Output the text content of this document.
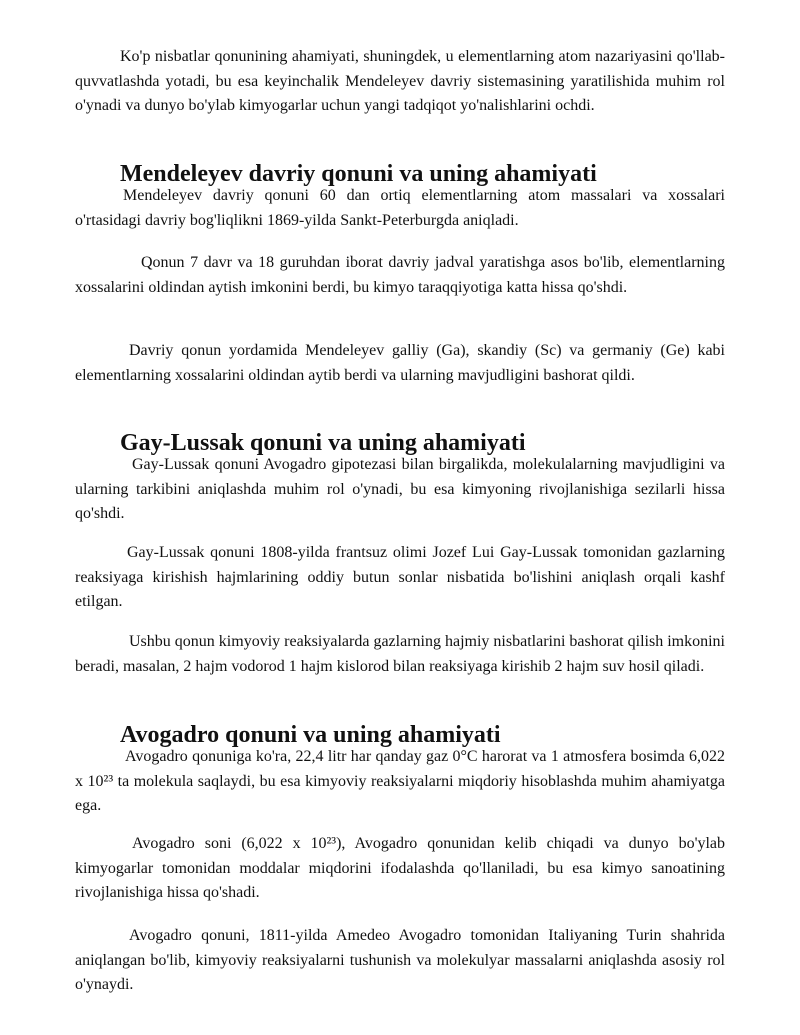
Ko'p nisbatlar qonunining ahamiyati, shuningdek, u elementlarning atom nazariyasini qo'llab-quvvatlashda yotadi, bu esa keyinchalik Mendeleyev davriy sistemasining yaratilishida muhim rol o'ynadi va dunyo bo'ylab kimyogarlar uchun yangi tadqiqot yo'nalishlarini ochdi.

Mendeleyev davriy qonuni va uning ahamiyati

Mendeleyev davriy qonuni 60 dan ortiq elementlarning atom massalari va xossalari o'rtasidagi davriy bog'liqlikni 1869-yilda Sankt-Peterburgda aniqladi.

Qonun 7 davr va 18 guruhdan iborat davriy jadval yaratishga asos bo'lib, elementlarning xossalarini oldindan aytish imkonini berdi, bu kimyo taraqqiyotiga katta hissa qo'shdi.

Davriy qonun yordamida Mendeleyev galliy (Ga), skandiy (Sc) va germaniy (Ge) kabi elementlarning xossalarini oldindan aytib berdi va ularning mavjudligini bashorat qildi.

Gay-Lussak qonuni va uning ahamiyati

Gay-Lussak qonuni Avogadro gipotezasi bilan birgalikda, molekulalarning mavjudligini va ularning tarkibini aniqlashda muhim rol o'ynadi, bu esa kimyoning rivojlanishiga sezilarli hissa qo'shdi.

Gay-Lussak qonuni 1808-yilda frantsuz olimi Jozef Lui Gay-Lussak tomonidan gazlarning reaksiyaga kirishish hajmlarining oddiy butun sonlar nisbatida bo'lishini aniqlash orqali kashf etilgan.

Ushbu qonun kimyoviy reaksiyalarda gazlarning hajmiy nisbatlarini bashorat qilish imkonini beradi, masalan, 2 hajm vodorod 1 hajm kislorod bilan reaksiyaga kirishib 2 hajm suv hosil qiladi.

Avogadro qonuni va uning ahamiyati

Avogadro qonuniga ko'ra, 22,4 litr har qanday gaz 0°C harorat va 1 atmosfera bosimda 6,022 x 10²³ ta molekula saqlaydi, bu esa kimyoviy reaksiyalarni miqdoriy hisoblashda muhim ahamiyatga ega.

Avogadro soni (6,022 x 10²³), Avogadro qonunidan kelib chiqadi va dunyo bo'ylab kimyogarlar tomonidan moddalar miqdorini ifodalashda qo'llaniladi, bu esa kimyo sanoatining rivojlanishiga hissa qo'shadi.

Avogadro qonuni, 1811-yilda Amedeo Avogadro tomonidan Italiyaning Turin shahrida aniqlangan bo'lib, kimyoviy reaksiyalarni tushunish va molekulyar massalarni aniqlashda asosiy rol o'ynaydi.
